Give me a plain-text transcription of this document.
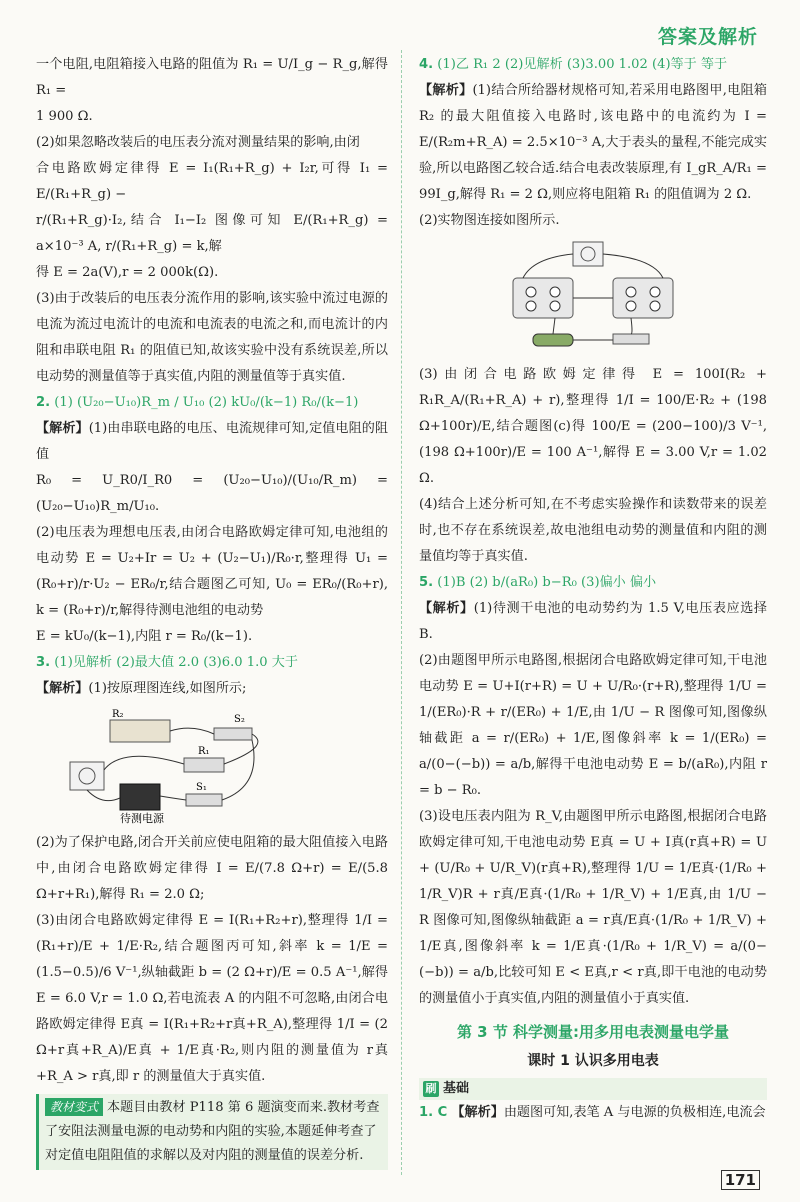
答案及解析

一个电阻,电阻箱接入电路的阻值为 R₁ = U/I_g − R_g,解得 R₁ =

1 900 Ω.

(2)如果忽略改装后的电压表分流对测量结果的影响,由闭

合电路欧姆定律得 E = I₁(R₁+R_g) + I₂r,可得 I₁ = E/(R₁+R_g) −

r/(R₁+R_g)·I₂,结合 I₁−I₂ 图像可知 E/(R₁+R_g) = a×10⁻³ A, r/(R₁+R_g) = k,解

得 E = 2a(V),r = 2 000k(Ω).

(3)由于改装后的电压表分流作用的影响,该实验中流过电源的电流为流过电流计的电流和电流表的电流之和,而电流计的内阻和串联电阻 R₁ 的阻值已知,故该实验中没有系统误差,所以电动势的测量值等于真实值,内阻的测量值等于真实值.

2. (1) (U₂₀−U₁₀)R_m / U₁₀ (2) kU₀/(k−1) R₀/(k−1)

【解析】(1)由串联电路的电压、电流规律可知,定值电阻的阻值

R₀ = U_R0/I_R0 = (U₂₀−U₁₀)/(U₁₀/R_m) = (U₂₀−U₁₀)R_m/U₁₀.

(2)电压表为理想电压表,由闭合电路欧姆定律可知,电池组的电动势 E = U₂+Ir = U₂ + (U₂−U₁)/R₀·r,整理得 U₁ = (R₀+r)/r·U₂ − ER₀/r,结合题图乙可知, U₀ = ER₀/(R₀+r), k = (R₀+r)/r,解得待测电池组的电动势

E = kU₀/(k−1),内阻 r = R₀/(k−1).

3. (1)见解析 (2)最大值 2.0 (3)6.0 1.0 大于

【解析】(1)按原理图连线,如图所示;

R₂	S₂
R₁
S₁
待测电源

(2)为了保护电路,闭合开关前应使电阻箱的最大阻值接入电路中,由闭合电路欧姆定律得 I = E/(7.8 Ω+r) = E/(5.8 Ω+r+R₁),解得 R₁ = 2.0 Ω;

(3)由闭合电路欧姆定律得 E = I(R₁+R₂+r),整理得 1/I = (R₁+r)/E + 1/E·R₂,结合题图丙可知,斜率 k = 1/E = (1.5−0.5)/6 V⁻¹,纵轴截距 b = (2 Ω+r)/E = 0.5 A⁻¹,解得 E = 6.0 V,r = 1.0 Ω,若电流表 A 的内阻不可忽略,由闭合电路欧姆定律得 E真 = I(R₁+R₂+r真+R_A),整理得 1/I = (2 Ω+r真+R_A)/E真 + 1/E真·R₂,则内阻的测量值为 r真+R_A > r真,即 r 的测量值大于真实值.

教材变式 本题目由教材 P118 第 6 题演变而来.教材考查了安阻法测量电源的电动势和内阻的实验,本题延伸考查了对定值电阻阻值的求解以及对内阻的测量值的误差分析.

4. (1)乙 R₁ 2 (2)见解析 (3)3.00 1.02 (4)等于 等于

【解析】(1)结合所给器材规格可知,若采用电路图甲,电阻箱 R₂ 的最大阻值接入电路时,该电路中的电流约为 I = E/(R₂m+R_A) = 2.5×10⁻³ A,大于表头的量程,不能完成实验,所以电路图乙较合适.结合电表改装原理,有 I_gR_A/R₁ = 99I_g,解得 R₁ = 2 Ω,则应将电阻箱 R₁ 的阻值调为 2 Ω.

(2)实物图连接如图所示.

(3)由闭合电路欧姆定律得 E = 100I(R₂ + R₁R_A/(R₁+R_A) + r),整理得 1/I = 100/E·R₂ + (198 Ω+100r)/E,结合题图(c)得 100/E = (200−100)/3 V⁻¹, (198 Ω+100r)/E = 100 A⁻¹,解得 E = 3.00 V,r = 1.02 Ω.

(4)结合上述分析可知,在不考虑实验操作和读数带来的误差时,也不存在系统误差,故电池组电动势的测量值和内阻的测量值均等于真实值.

5. (1)B (2) b/(aR₀) b−R₀ (3)偏小 偏小

【解析】(1)待测干电池的电动势约为 1.5 V,电压表应选择 B.

(2)由题图甲所示电路图,根据闭合电路欧姆定律可知,干电池电动势 E = U+I(r+R) = U + U/R₀·(r+R),整理得 1/U = 1/(ER₀)·R + r/(ER₀) + 1/E,由 1/U − R 图像可知,图像纵轴截距 a = r/(ER₀) + 1/E,图像斜率 k = 1/(ER₀) = a/(0−(−b)) = a/b,解得干电池电动势 E = b/(aR₀),内阻 r = b − R₀.

(3)设电压表内阻为 R_V,由题图甲所示电路图,根据闭合电路欧姆定律可知,干电池电动势 E真 = U + I真(r真+R) = U + (U/R₀ + U/R_V)(r真+R),整理得 1/U = 1/E真·(1/R₀ + 1/R_V)R + r真/E真·(1/R₀ + 1/R_V) + 1/E真,由 1/U − R 图像可知,图像纵轴截距 a = r真/E真·(1/R₀ + 1/R_V) + 1/E真,图像斜率 k = 1/E真·(1/R₀ + 1/R_V) = a/(0−(−b)) = a/b,比较可知 E < E真,r < r真,即干电池的电动势的测量值小于真实值,内阻的测量值小于真实值.

第 3 节 科学测量:用多用电表测量电学量
课时 1 认识多用电表
刷 基础

1. C 【解析】由题图可知,表笔 A 与电源的负极相连,电流会

171
